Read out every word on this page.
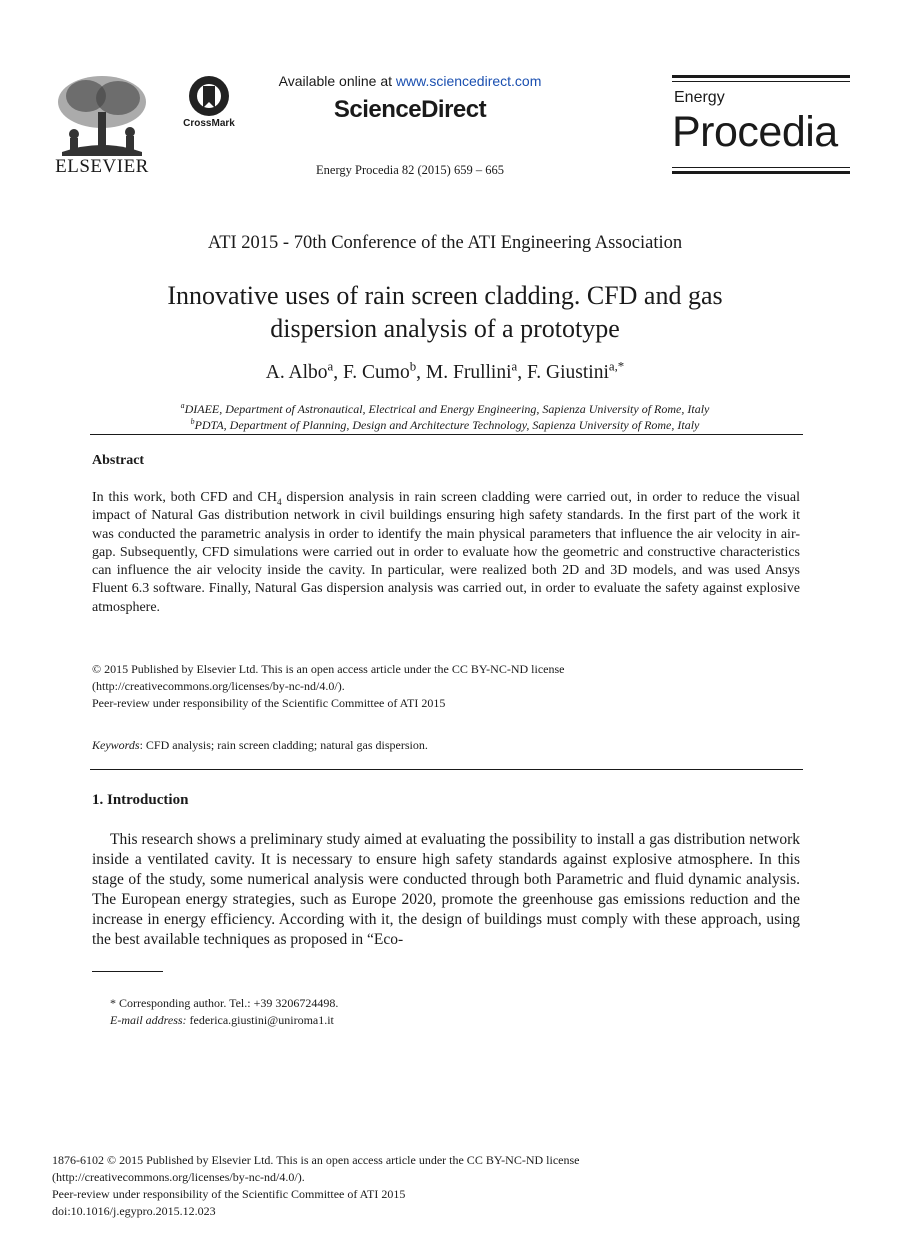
ELSEVIER
CrossMark
Available online at www.sciencedirect.com
ScienceDirect
Energy Procedia 82 (2015) 659 – 665
Energy
Procedia
ATI 2015 - 70th Conference of the ATI Engineering Association
Innovative uses of rain screen cladding. CFD and gas
dispersion analysis of a prototype
A. Albo$^a$, F. Cumo$^b$, M. Frullini$^a$, F. Giustini$^{a,*}$
$^a$DIAEE, Department of Astronautical, Electrical and Energy Engineering, Sapienza University of Rome, Italy
$^b$PDTA, Department of Planning, Design and Architecture Technology, Sapienza University of Rome, Italy
Abstract
In this work, both CFD and $CH_4$ dispersion analysis in rain screen cladding were carried out, in order to reduce the visual impact of Natural Gas distribution network in civil buildings ensuring high safety standards. In the first part of the work it was conducted the parametric analysis in order to identify the main physical parameters that influence the air velocity in air-gap. Subsequently, CFD simulations were carried out in order to evaluate how the geometric and constructive characteristics can influence the air velocity inside the cavity. In particular, were realized both 2D and 3D models, and was used Ansys Fluent 6.3 software. Finally, Natural Gas dispersion analysis was carried out, in order to evaluate the safety against explosive atmosphere.
© 2015 Published by Elsevier Ltd. This is an open access article under the CC BY-NC-ND license
(http://creativecommons.org/licenses/by-nc-nd/4.0/).
Peer-review under responsibility of the Scientific Committee of ATI 2015
Keywords: CFD analysis; rain screen cladding; natural gas dispersion.
1. Introduction
This research shows a preliminary study aimed at evaluating the possibility to install a gas distribution network inside a ventilated cavity. It is necessary to ensure high safety standards against explosive atmosphere. In this stage of the study, some numerical analysis were conducted through both Parametric and fluid dynamic analysis. The European energy strategies, such as Europe 2020, promote the greenhouse gas emissions reduction and the increase in energy efficiency. According with it, the design of buildings must comply with these approach, using the best available techniques as proposed in “Eco-
* Corresponding author. Tel.: +39 3206724498.
E-mail address: federica.giustini@uniroma1.it
1876-6102 © 2015 Published by Elsevier Ltd. This is an open access article under the CC BY-NC-ND license
(http://creativecommons.org/licenses/by-nc-nd/4.0/).
Peer-review under responsibility of the Scientific Committee of ATI 2015
doi:10.1016/j.egypro.2015.12.023
